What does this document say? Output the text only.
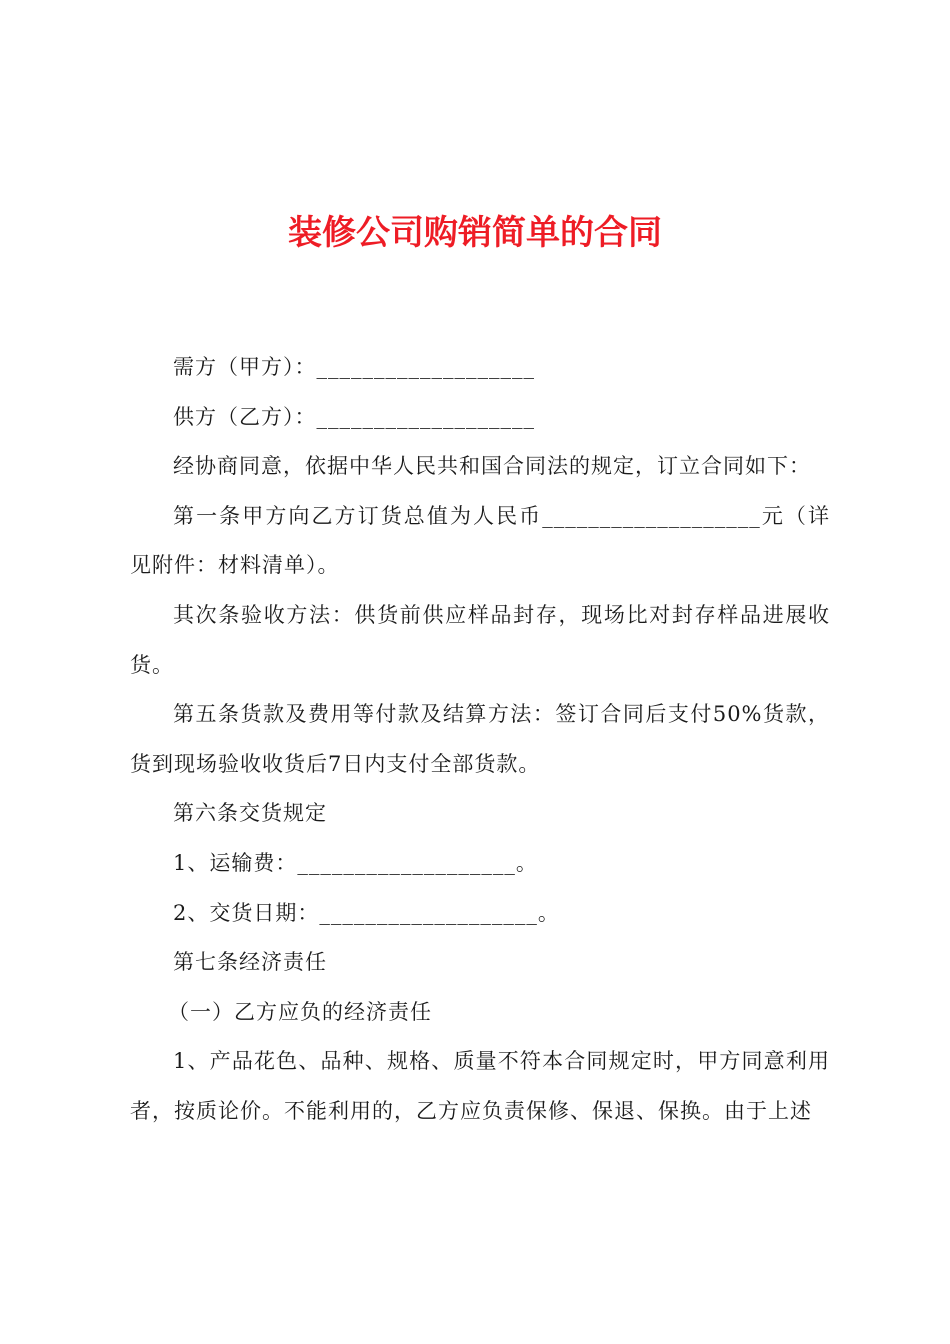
装修公司购销简单的合同

需方（甲方）：___________________

供方（乙方）：___________________

经协商同意，依据中华人民共和国合同法的规定，订立合同如下：

第一条甲方向乙方订货总值为人民币___________________元（详见附件：材料清单）。

其次条验收方法：供货前供应样品封存，现场比对封存样品进展收货。

第五条货款及费用等付款及结算方法：签订合同后支付50%货款，货到现场验收收货后7日内支付全部货款。

第六条交货规定

1、运输费：___________________。

2、交货日期：___________________。

第七条经济责任

（一）乙方应负的经济责任

1、产品花色、品种、规格、质量不符本合同规定时，甲方同意利用者，按质论价。不能利用的，乙方应负责保修、保退、保换。由于上述
